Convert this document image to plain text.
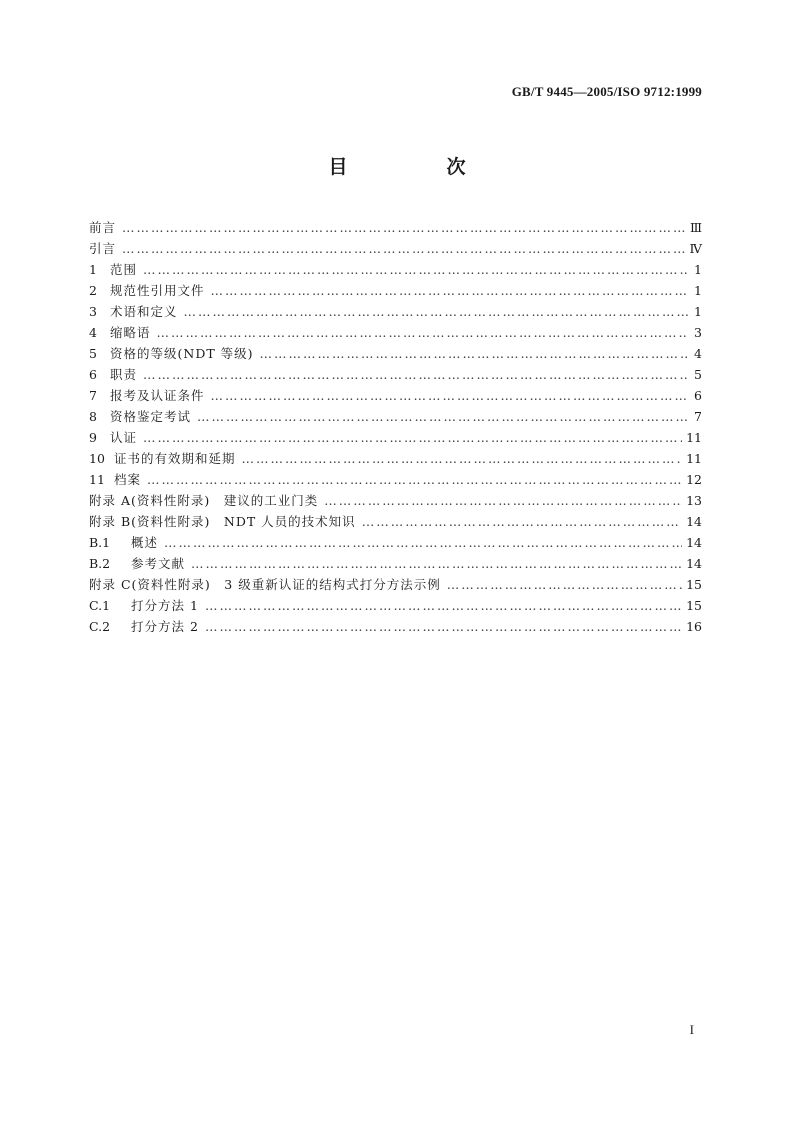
GB/T 9445—2005/ISO 9712:1999
目　次
前言 ……………………………………………………………………………………………………………………………………………………………………………………………………………………	Ⅲ
引言 ……………………………………………………………………………………………………………………………………………………………………………………………………………………	Ⅳ
1	范围 ……………………………………………………………………………………………………………………………………………………………………………………………………………………	1
2	规范性引用文件 ……………………………………………………………………………………………………………………………………………………………………………………………………………………	1
3	术语和定义 ……………………………………………………………………………………………………………………………………………………………………………………………………………………	1
4	缩略语 ……………………………………………………………………………………………………………………………………………………………………………………………………………………	3
5	资格的等级(NDT 等级) ……………………………………………………………………………………………………………………………………………………………………………………………………………………	4
6	职责 ……………………………………………………………………………………………………………………………………………………………………………………………………………………	5
7	报考及认证条件 ……………………………………………………………………………………………………………………………………………………………………………………………………………………	6
8	资格鉴定考试 ……………………………………………………………………………………………………………………………………………………………………………………………………………………	7
9	认证 ……………………………………………………………………………………………………………………………………………………………………………………………………………………	11
10 证书的有效期和延期 ……………………………………………………………………………………………………………………………………………………………………………………………………………………	11
11 档案 ……………………………………………………………………………………………………………………………………………………………………………………………………………………	12
附录 A(资料性附录)　建议的工业门类 ……………………………………………………………………………………………………………………………………………………………………………………………………………………	13
附录 B(资料性附录)　NDT 人员的技术知识 ……………………………………………………………………………………………………………………………………………………………………………………………………………………	14
B.1	概述 ……………………………………………………………………………………………………………………………………………………………………………………………………………………	14
B.2	参考文献 ……………………………………………………………………………………………………………………………………………………………………………………………………………………	14
附录 C(资料性附录)　3 级重新认证的结构式打分方法示例 ……………………………………………………………………………………………………………………………………………………………………………………………………………………	15
C.1	打分方法 1 ……………………………………………………………………………………………………………………………………………………………………………………………………………………	15
C.2	打分方法 2 ……………………………………………………………………………………………………………………………………………………………………………………………………………………	16
I
